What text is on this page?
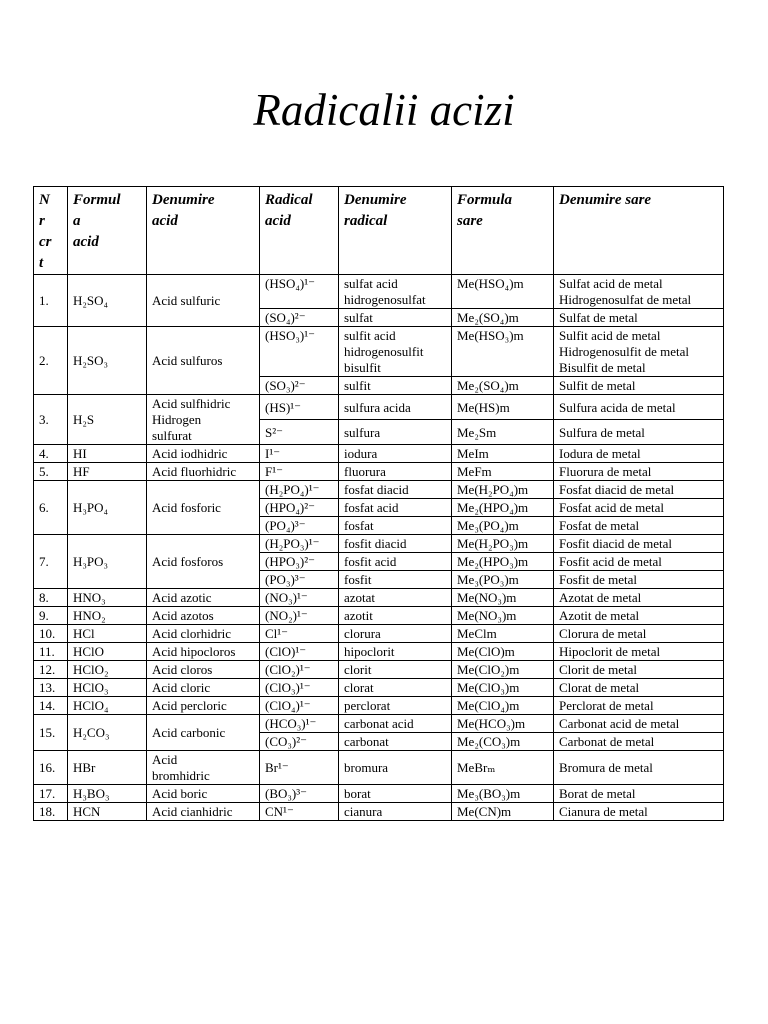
Radicalii acizi
N
r
cr
t	Formul
a
acid	Denumire
acid	Radical
acid	Denumire
radical	Formula
sare	Denumire sare
1.	H₂SO₄	Acid sulfuric	(HSO₄)¹⁻	sulfat acid
hidrogenosulfat	Me(HSO₄)m	Sulfat acid de metal
Hidrogenosulfat de metal
			(SO₄)²⁻	sulfat	Me₂(SO₄)m	Sulfat de metal
2.	H₂SO₃	Acid sulfuros	(HSO₃)¹⁻	sulfit acid
hidrogenosulfit
bisulfit	Me(HSO₃)m	Sulfit acid de metal
Hidrogenosulfit de metal
Bisulfit de metal
			(SO₃)²⁻	sulfit	Me₂(SO₄)m	Sulfit de metal
3.	H₂S	Acid sulfhidric
Hidrogen
sulfurat	(HS)¹⁻	sulfura acida	Me(HS)m	Sulfura acida de metal
			S²⁻	sulfura	Me₂Sm	Sulfura de metal
4.	HI	Acid iodhidric	I¹⁻	iodura	MeIm	Iodura de metal
5.	HF	Acid fluorhidric	F¹⁻	fluorura	MeFm	Fluorura de metal
6.	H₃PO₄	Acid fosforic	(H₂PO₄)¹⁻	fosfat diacid	Me(H₂PO₄)m	Fosfat diacid de metal
			(HPO₄)²⁻	fosfat acid	Me₂(HPO₄)m	Fosfat acid de metal
			(PO₄)³⁻	fosfat	Me₃(PO₄)m	Fosfat de metal
7.	H₃PO₃	Acid fosforos	(H₂PO₃)¹⁻	fosfit diacid	Me(H₂PO₃)m	Fosfit diacid de metal
			(HPO₃)²⁻	fosfit acid	Me₂(HPO₃)m	Fosfit acid de metal
			(PO₃)³⁻	fosfit	Me₃(PO₃)m	Fosfit de metal
8.	HNO₃	Acid azotic	(NO₃)¹⁻	azotat	Me(NO₃)m	Azotat de metal
9.	HNO₂	Acid azotos	(NO₂)¹⁻	azotit	Me(NO₃)m	Azotit de metal
10.	HCl	Acid clorhidric	Cl¹⁻	clorura	MeClm	Clorura de metal
11.	HClO	Acid hipocloros	(ClO)¹⁻	hipoclorit	Me(ClO)m	Hipoclorit de metal
12.	HClO₂	Acid cloros	(ClO₂)¹⁻	clorit	Me(ClO₂)m	Clorit de metal
13.	HClO₃	Acid cloric	(ClO₃)¹⁻	clorat	Me(ClO₃)m	Clorat de metal
14.	HClO₄	Acid percloric	(ClO₄)¹⁻	perclorat	Me(ClO₄)m	Perclorat de metal
15.	H₂CO₃	Acid carbonic	(HCO₃)¹⁻	carbonat acid	Me(HCO₃)m	Carbonat acid de metal
			(CO₃)²⁻	carbonat	Me₂(CO₃)m	Carbonat de metal
16.	HBr	Acid
bromhidric	Br¹⁻	bromura	MeBrₘ	Bromura de metal
17.	H₃BO₃	Acid boric	(BO₃)³⁻	borat	Me₃(BO₃)m	Borat de metal
18.	HCN	Acid cianhidric	CN¹⁻	cianura	Me(CN)m	Cianura de metal
